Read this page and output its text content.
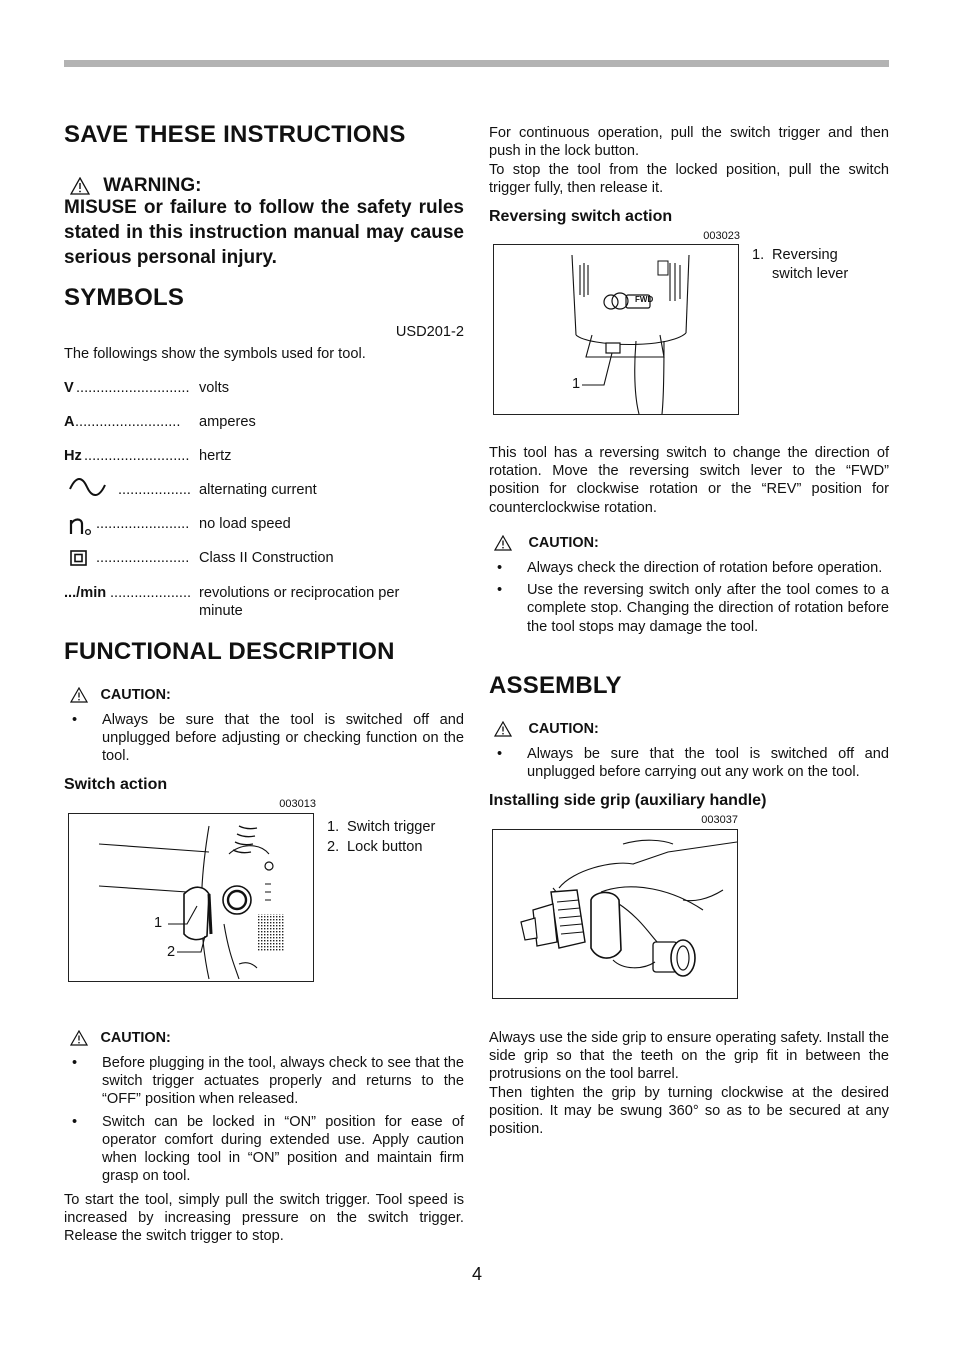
SAVE THESE INSTRUCTIONS
WARNING:
MISUSE or failure to follow the safety rules stated in this instruction manual may cause serious personal injury.
SYMBOLS
USD201-2
The followings show the symbols used for tool.
V ............................ volts
A ..........................	amperes
Hz .......................... hertz
.................. alternating current
....................... no load speed
....................... Class II Construction
.../min .................... revolutions or reciprocation per minute
FUNCTIONAL DESCRIPTION
CAUTION:
• Always be sure that the tool is switched off and unplugged before adjusting or checking function on the tool.
Switch action
003013
1
2
1. Switch trigger
2. Lock button
CAUTION:
• Before plugging in the tool, always check to see that the switch trigger actuates properly and returns to the “OFF” position when released.
• Switch can be locked in “ON” position for ease of operator comfort during extended use. Apply caution when locking tool in “ON” position and maintain firm grasp on tool.
To start the tool, simply pull the switch trigger. Tool speed is increased by increasing pressure on the switch trigger. Release the switch trigger to stop.
For continuous operation, pull the switch trigger and then push in the lock button.
To stop the tool from the locked position, pull the switch trigger fully, then release it.
Reversing switch action
003023
FWD
1
1. Reversing
switch lever
This tool has a reversing switch to change the direction of rotation. Move the reversing switch lever to the “FWD” position for clockwise rotation or the “REV” position for counterclockwise rotation.
CAUTION:
• Always check the direction of rotation before operation.
• Use the reversing switch only after the tool comes to a complete stop. Changing the direction of rotation before the tool stops may damage the tool.
ASSEMBLY
CAUTION:
• Always be sure that the tool is switched off and unplugged before carrying out any work on the tool.
Installing side grip (auxiliary handle)
003037
Always use the side grip to ensure operating safety. Install the side grip so that the teeth on the grip fit in between the protrusions on the tool barrel.
Then tighten the grip by turning clockwise at the desired position. It may be swung 360° so as to be secured at any position.
4
